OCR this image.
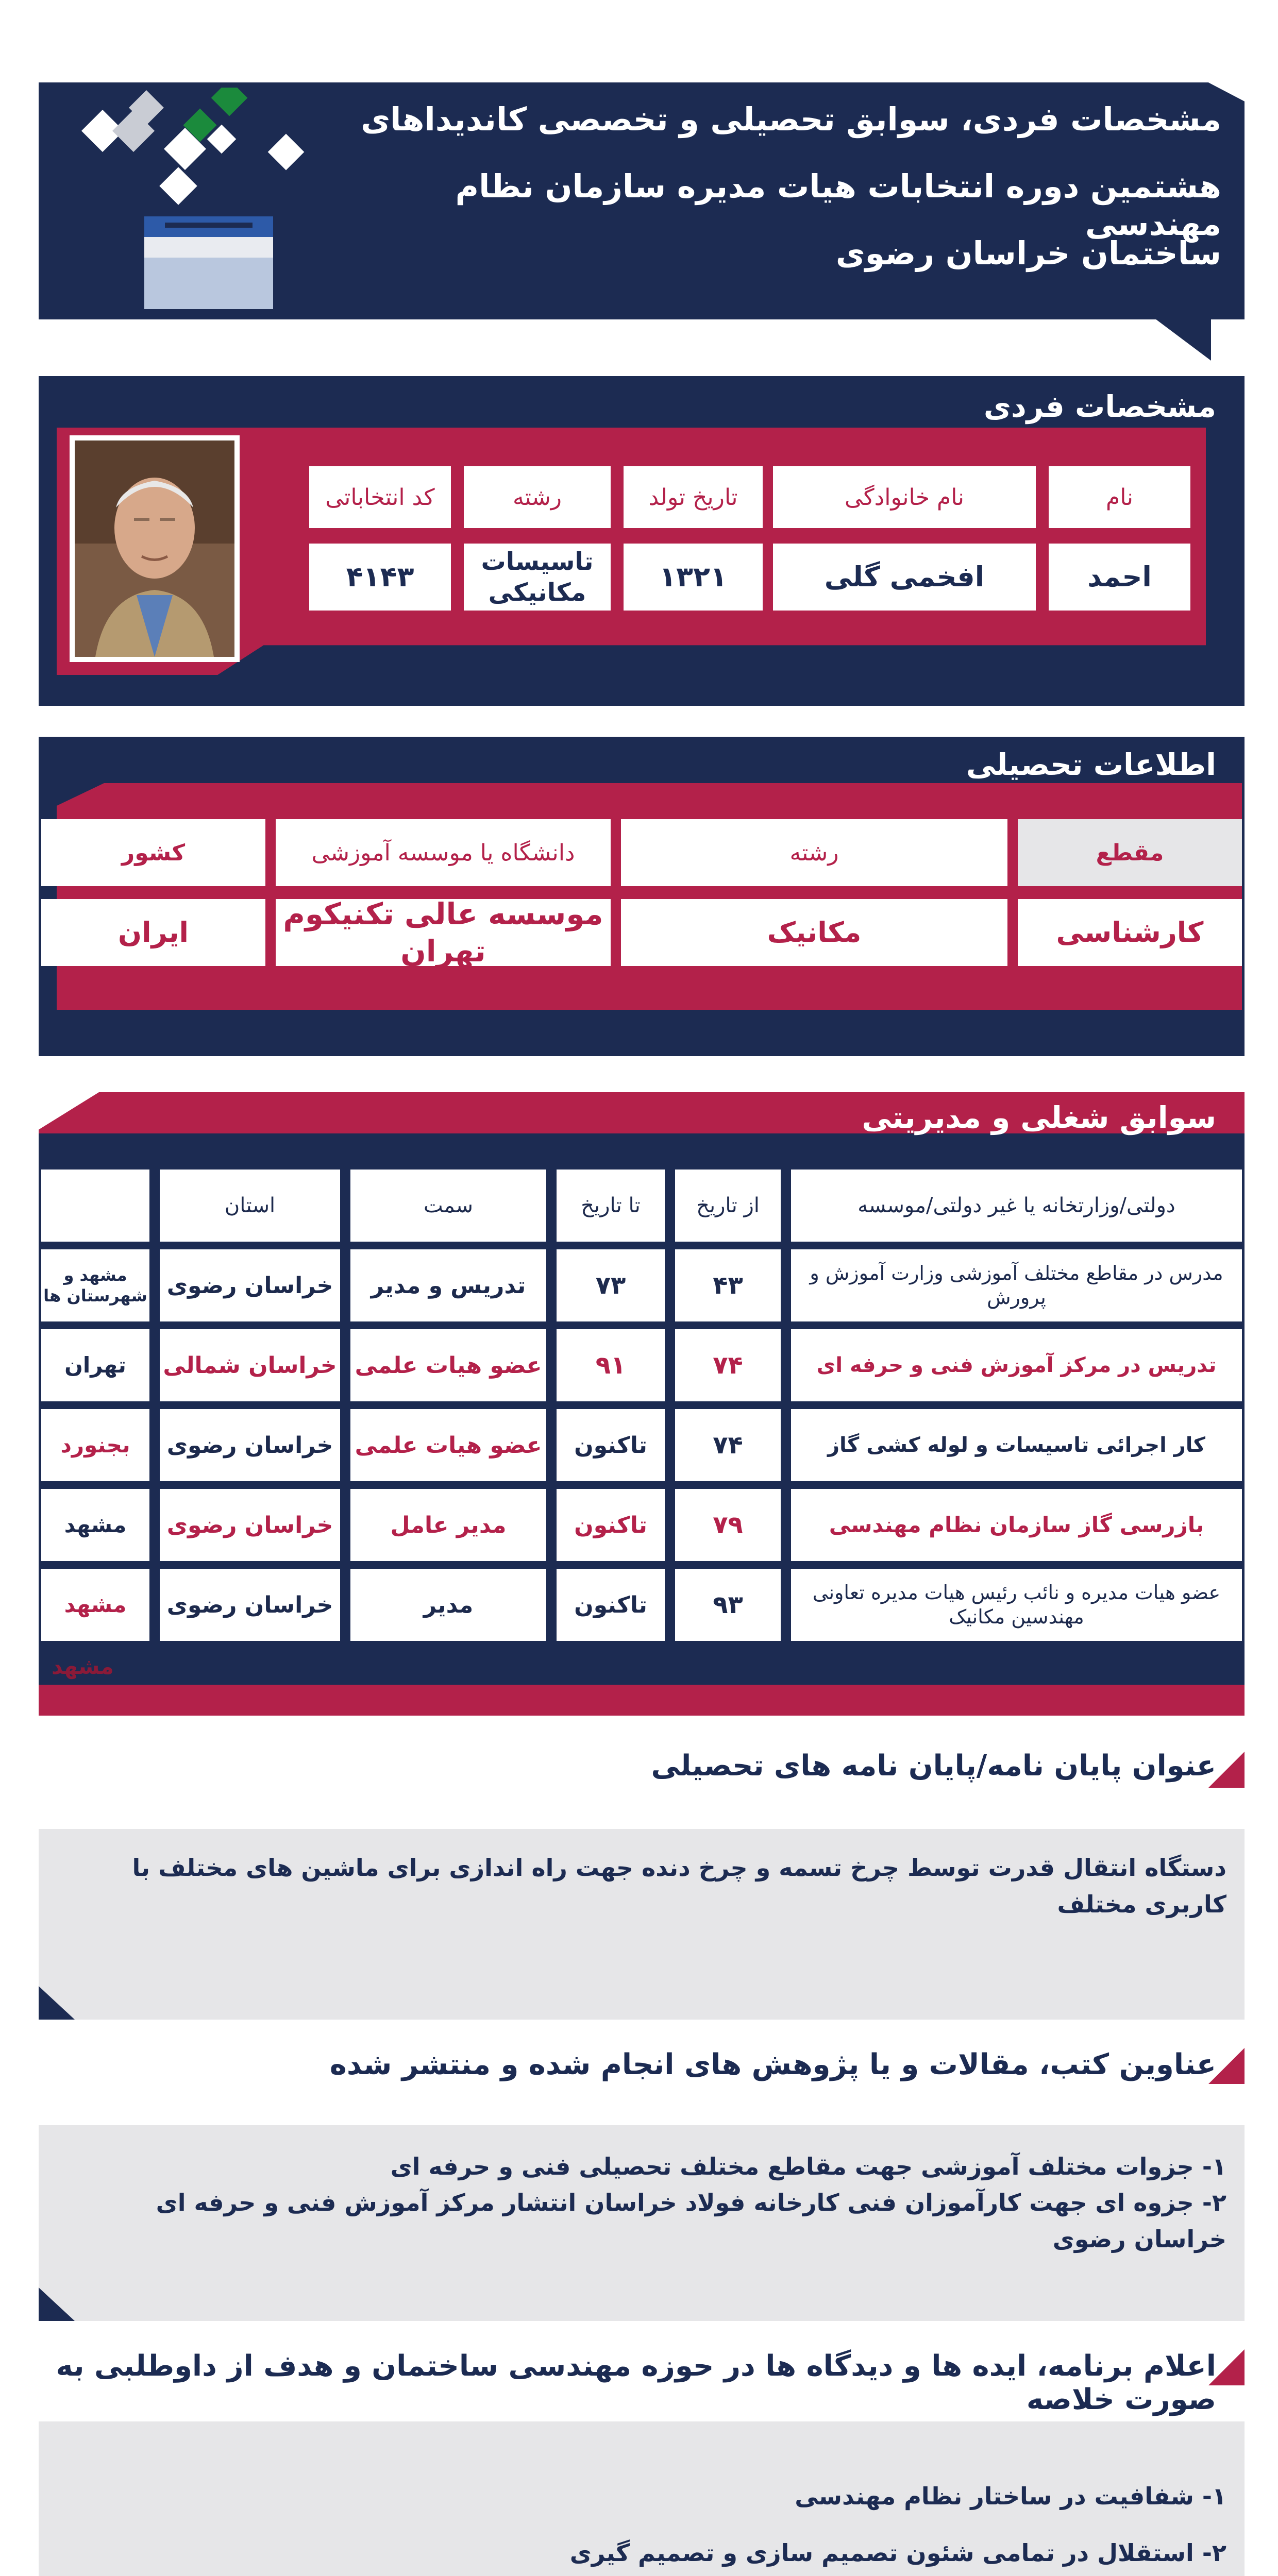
مشخصات فردی، سوابق تحصیلی و تخصصی کاندیداهای
هشتمین دوره انتخابات هیات مدیره سازمان نظام مهندسی
ساختمان خراسان رضوی
مشخصات فردی
نام
نام خانوادگی
تاریخ تولد
رشته
کد انتخاباتی
احمد
افخمی گلی
۱۳۲۱
تاسیسات مکانیکی
۴۱۴۳
اطلاعات تحصیلی
مقطع
رشته
دانشگاه یا موسسه آموزشی
کشور
کارشناسی
مکانیک
موسسه عالی تکنیکوم تهران
ایران
سوابق شغلی و مدیریتی
دولتی/وزارتخانه یا غیر دولتی/موسسه
از تاریخ
تا تاریخ
سمت
استان
مدرس در مقاطع مختلف آموزشی وزارت آموزش و پرورش
۴۳
۷۳
تدریس و مدیر
خراسان رضوی
مشهد و شهرستان ها
تدریس در مرکز آموزش فنی و حرفه ای
۷۴
۹۱
عضو هیات علمی
خراسان شمالی
تهران
کار اجرائی تاسیسات و لوله کشی گاز
۷۴
تاکنون
عضو هیات علمی
خراسان رضوی
بجنورد
بازرسی گاز سازمان نظام مهندسی
۷۹
تاکنون
مدیر عامل
خراسان رضوی
مشهد
عضو هیات مدیره و نائب رئیس هیات مدیره تعاونی مهندسین مکانیک
۹۳
تاکنون
مدیر
خراسان رضوی
مشهد
مشهد
عنوان پایان نامه/پایان نامه های تحصیلی
دستگاه انتقال قدرت توسط چرخ تسمه و چرخ دنده جهت راه اندازی برای ماشین های مختلف با کاربری مختلف
عناوین کتب، مقالات و یا پژوهش های انجام شده و منتشر شده
۱- جزوات مختلف آموزشی جهت مقاطع مختلف تحصیلی فنی و حرفه ای
۲- جزوه ای جهت کارآموزان فنی کارخانه فولاد خراسان انتشار مرکز آموزش فنی و حرفه ای خراسان رضوی
اعلام برنامه، ایده ها و دیدگاه ها در حوزه مهندسی ساختمان و هدف از داوطلبی به صورت خلاصه
۱- شفافیت در ساختار نظام مهندسی
۲- استقلال در تمامی شئون تصمیم سازی و تصمیم گیری
